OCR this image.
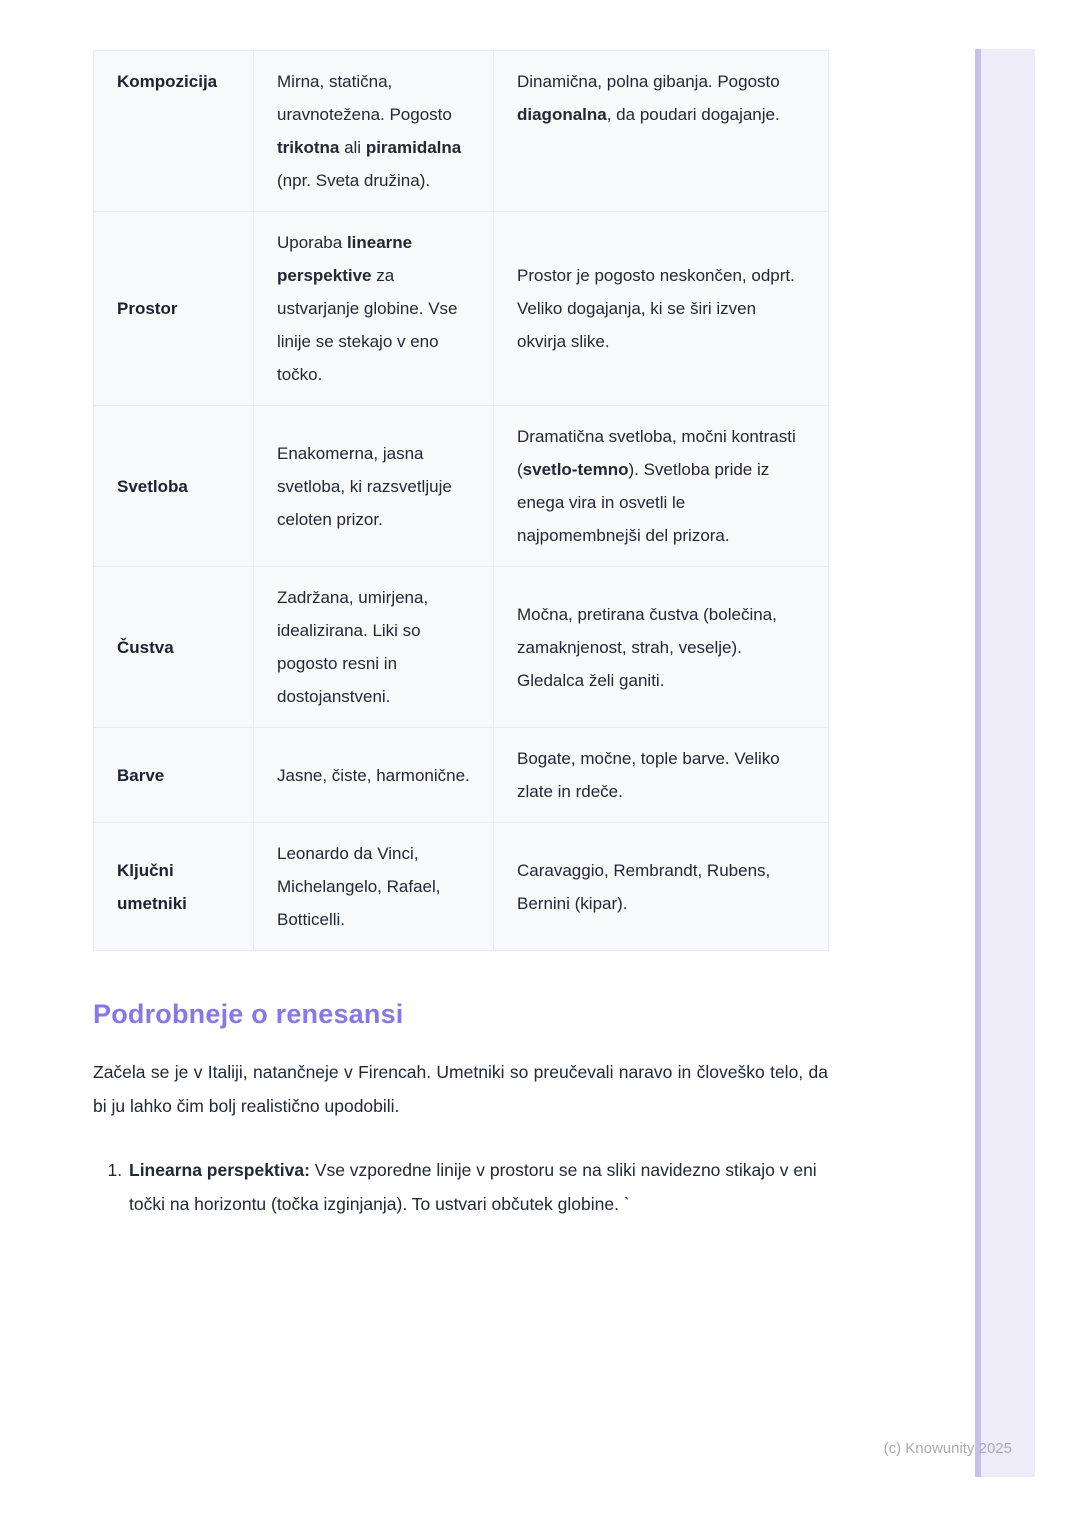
Kompozicija	Mirna, statična, uravnotežena. Pogosto trikotna ali piramidalna (npr. Sveta družina).	Dinamična, polna gibanja. Pogosto diagonalna, da poudari dogajanje.
Prostor	Uporaba linearne perspektive za ustvarjanje globine. Vse linije se stekajo v eno točko.	Prostor je pogosto neskončen, odprt. Veliko dogajanja, ki se širi izven okvirja slike.
Svetloba	Enakomerna, jasna svetloba, ki razsvetljuje celoten prizor.	Dramatična svetloba, močni kontrasti (svetlo-temno). Svetloba pride iz enega vira in osvetli le najpomembnejši del prizora.
Čustva	Zadržana, umirjena, idealizirana. Liki so pogosto resni in dostojanstveni.	Močna, pretirana čustva (bolečina, zamaknjenost, strah, veselje). Gledalca želi ganiti.
Barve	Jasne, čiste, harmonične.	Bogate, močne, tople barve. Veliko zlate in rdeče.
Ključni umetniki	Leonardo da Vinci, Michelangelo, Rafael, Botticelli.	Caravaggio, Rembrandt, Rubens, Bernini (kipar).
Podrobneje o renesansi

Začela se je v Italiji, natančneje v Firencah. Umetniki so preučevali naravo in človeško telo, da bi ju lahko čim bolj realistično upodobili.

1. Linearna perspektiva: Vse vzporedne linije v prostoru se na sliki navidezno stikajo v eni točki na horizontu (točka izginjanja). To ustvari občutek globine. `
(c) Knowunity 2025
